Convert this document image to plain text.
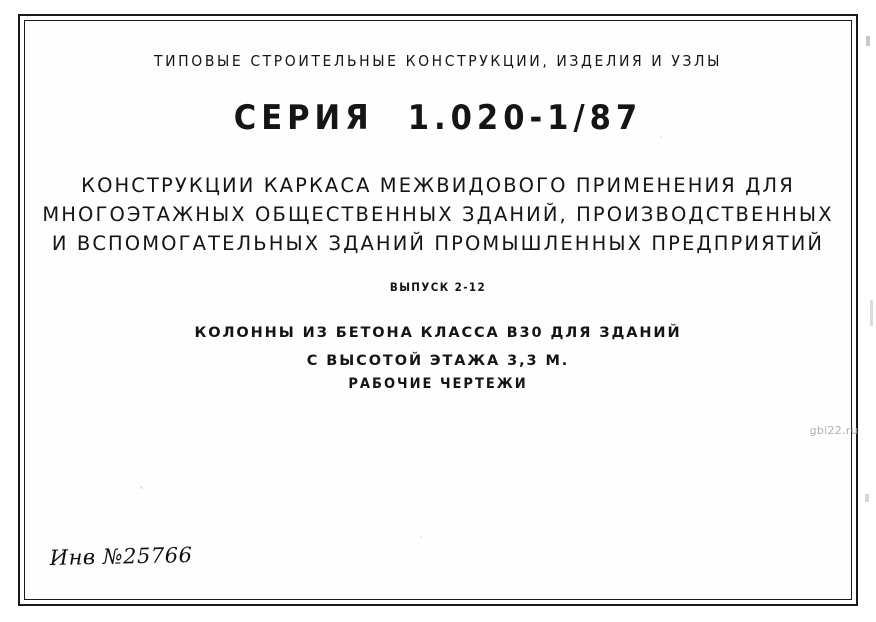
ТИПОВЫЕ СТРОИТЕЛЬНЫЕ КОНСТРУКЦИИ, ИЗДЕЛИЯ И УЗЛЫ
СЕРИЯ 1.020-1/87
КОНСТРУКЦИИ КАРКАСА МЕЖВИДОВОГО ПРИМЕНЕНИЯ ДЛЯ
МНОГОЭТАЖНЫХ ОБЩЕСТВЕННЫХ ЗДАНИЙ, ПРОИЗВОДСТВЕННЫХ
И ВСПОМОГАТЕЛЬНЫХ ЗДАНИЙ ПРОМЫШЛЕННЫХ ПРЕДПРИЯТИЙ
ВЫПУСК 2-12
КОЛОННЫ ИЗ БЕТОНА КЛАССА В30 ДЛЯ ЗДАНИЙ
С ВЫСОТОЙ ЭТАЖА 3,3 М.
РАБОЧИЕ ЧЕРТЕЖИ
Инв №25766
gbi22.ru
